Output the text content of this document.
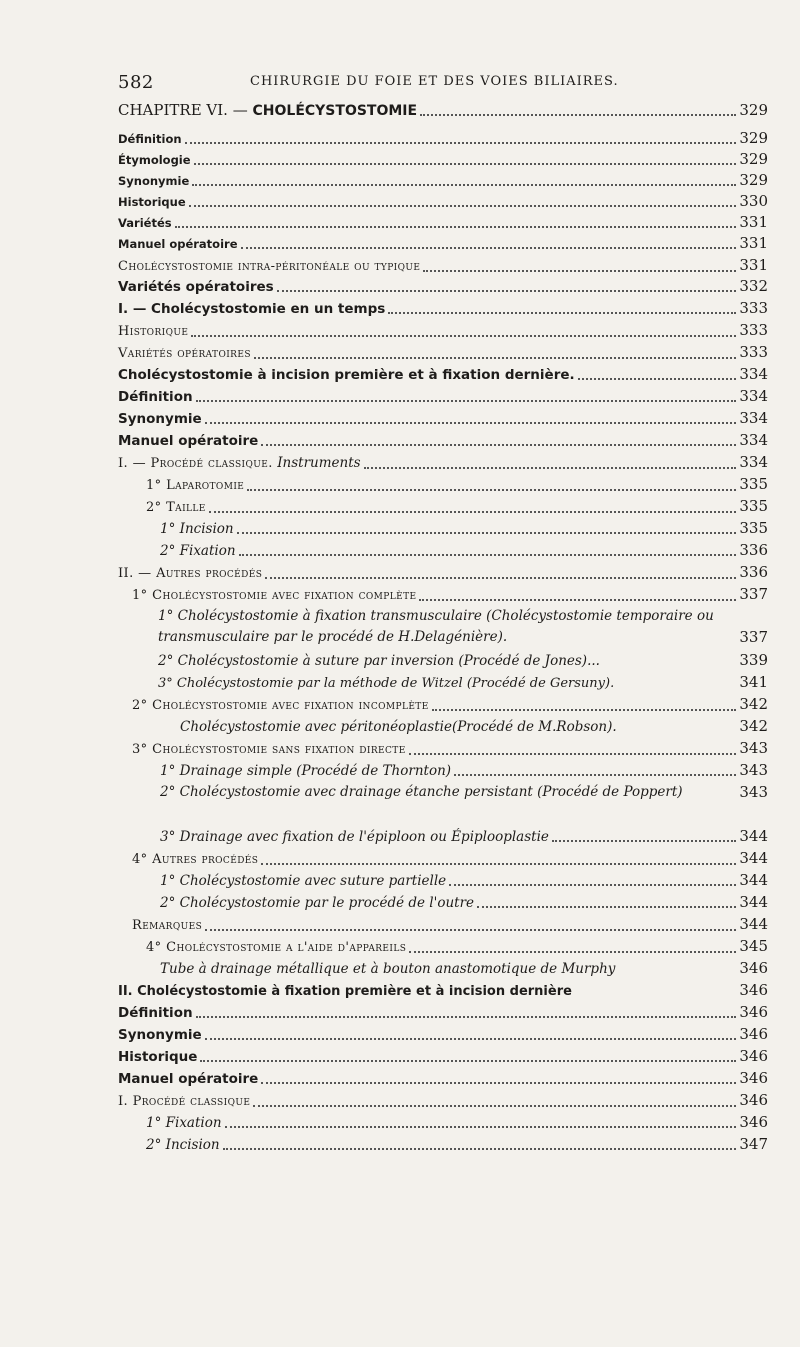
582	CHIRURGIE DU FOIE ET DES VOIES BILIAIRES.
CHAPITRE VI. — CHOLÉCYSTOSTOMIE	329
Définition	329
Étymologie	329
Synonymie	329
Historique	330
Variétés	331
Manuel opératoire	331
Cholécystostomie intra-péritonéale ou typique	331
Variétés opératoires	332
I. — Cholécystostomie en un temps	333
Historique	333
Variétés opératoires	333
Cholécystostomie à incision première et à fixation dernière.	334
Définition	334
Synonymie	334
Manuel opératoire	334
I. — Procédé classique. Instruments	334
1° Laparotomie	335
2° Taille	335
1° Incision	335
2° Fixation	336
II. — Autres procédés	336
1° Cholécystostomie avec fixation complète	337
1° Cholécystostomie à fixation transmusculaire (Cholécystostomie temporaire ou transmusculaire par le procédé de H.Delagénière).	337
2° Cholécystostomie à suture par inversion (Procédé de Jones)...	339
3° Cholécystostomie par la méthode de Witzel (Procédé de Gersuny).	341
2° Cholécystostomie avec fixation incomplète	342
Cholécystostomie avec péritonéoplastie(Procédé de M.Robson).	342
3° Cholécystostomie sans fixation directe	343
1° Drainage simple (Procédé de Thornton)	343
2° Cholécystostomie avec drainage étanche persistant (Procédé de Poppert)	343
3° Drainage avec fixation de l'épiploon ou Épiplooplastie	344
4° Autres procédés	344
1° Cholécystostomie avec suture partielle	344
2° Cholécystostomie par le procédé de l'outre	344
Remarques	344
4° Cholécystostomie a l'aide d'appareils	345
Tube à drainage métallique et à bouton anastomotique de Murphy	346
II. Cholécystostomie à fixation première et à incision dernière	346
Définition	346
Synonymie	346
Historique	346
Manuel opératoire	346
I. Procédé classique	346
1° Fixation	346
2° Incision	347
